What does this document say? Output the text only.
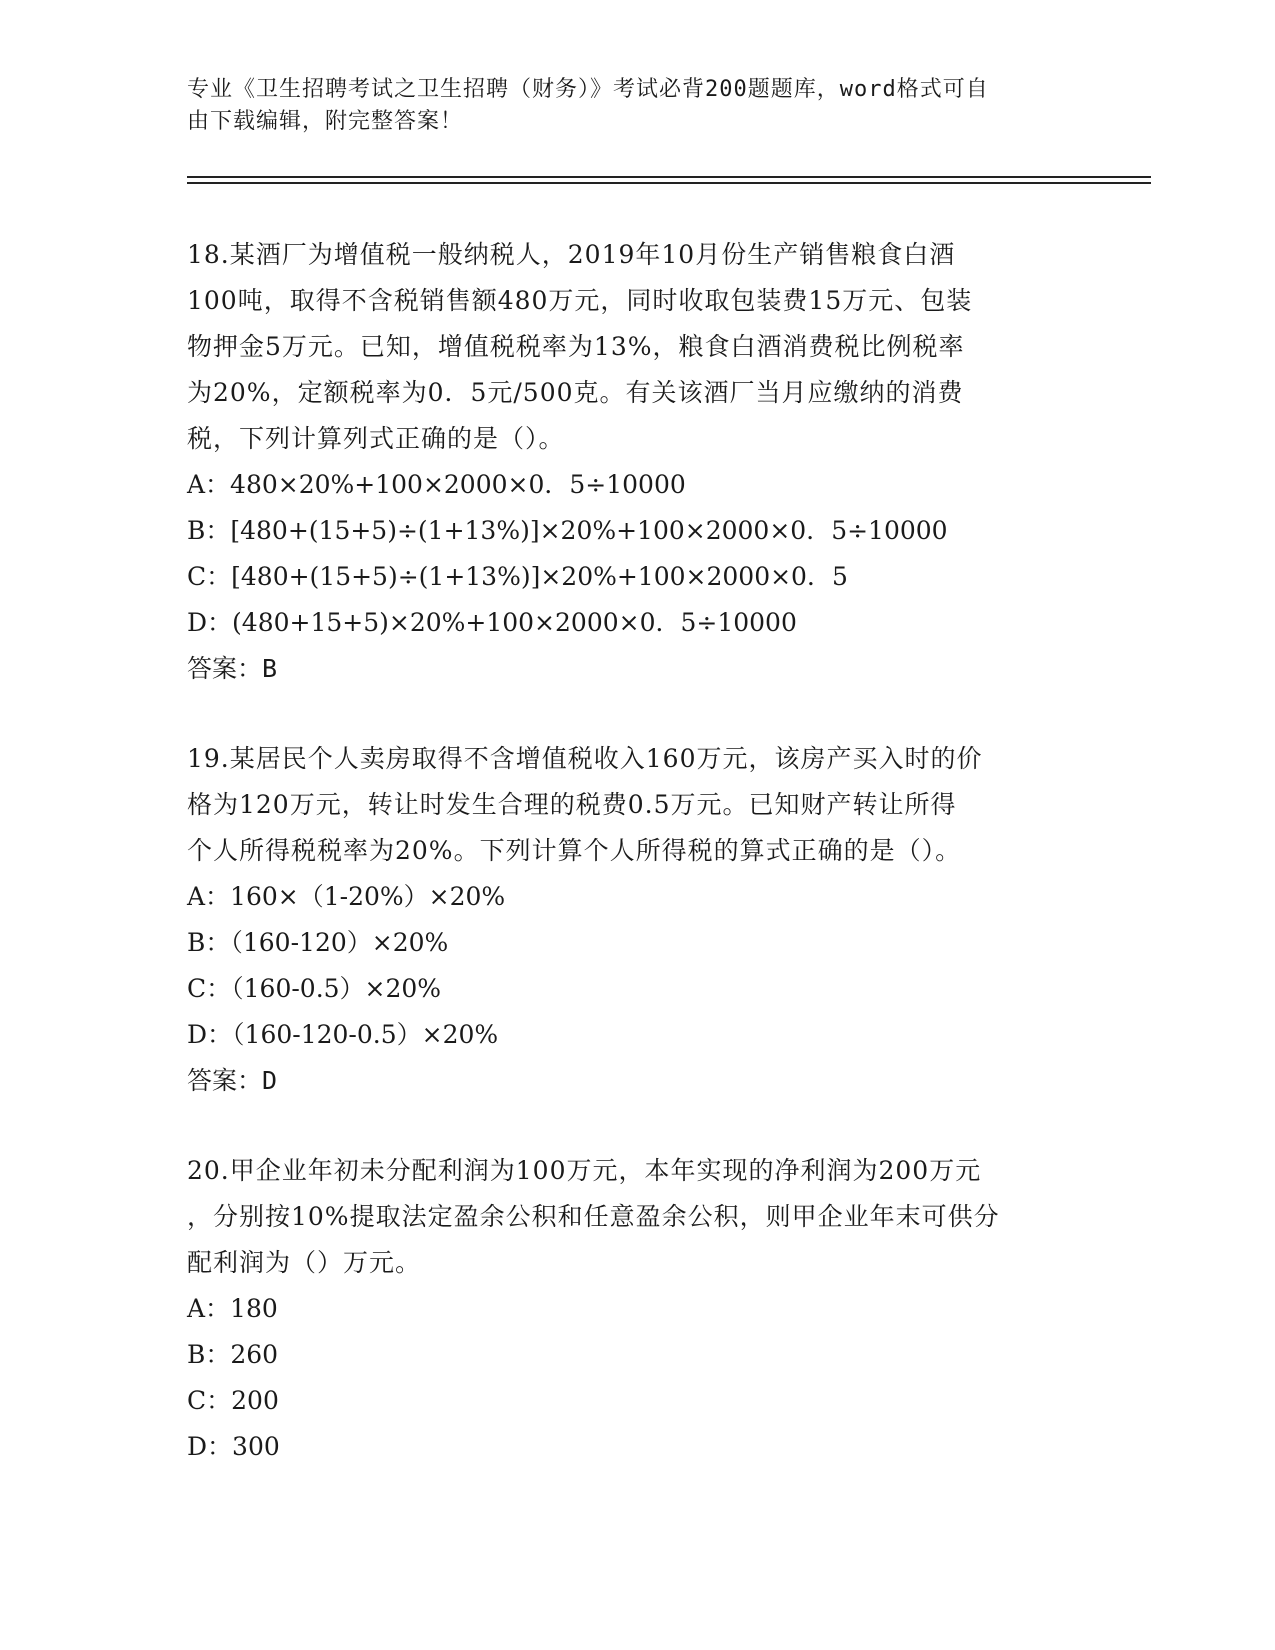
专业《卫生招聘考试之卫生招聘（财务）》考试必背200题题库，word格式可自
由下载编辑，附完整答案！
18.某酒厂为增值税一般纳税人，2019年10月份生产销售粮食白酒
100吨，取得不含税销售额480万元，同时收取包装费15万元、包装
物押金5万元。已知，增值税税率为13%，粮食白酒消费税比例税率
为20%，定额税率为0．5元/500克。有关该酒厂当月应缴纳的消费
税，下列计算列式正确的是（）。
A：480×20%+100×2000×0．5÷10000
B：[480+(15+5)÷(1+13%)]×20%+100×2000×0．5÷10000
C：[480+(15+5)÷(1+13%)]×20%+100×2000×0．5
D：(480+15+5)×20%+100×2000×0．5÷10000
答案：B
19.某居民个人卖房取得不含增值税收入160万元，该房产买入时的价
格为120万元，转让时发生合理的税费0.5万元。已知财产转让所得
个人所得税税率为20%。下列计算个人所得税的算式正确的是（）。
A：160×（1-20%）×20%
B：（160-120）×20%
C：（160-0.5）×20%
D：（160-120-0.5）×20%
答案：D
20.甲企业年初未分配利润为100万元，本年实现的净利润为200万元
，分别按10%提取法定盈余公积和任意盈余公积，则甲企业年末可供分
配利润为（）万元。
A：180
B：260
C：200
D：300
